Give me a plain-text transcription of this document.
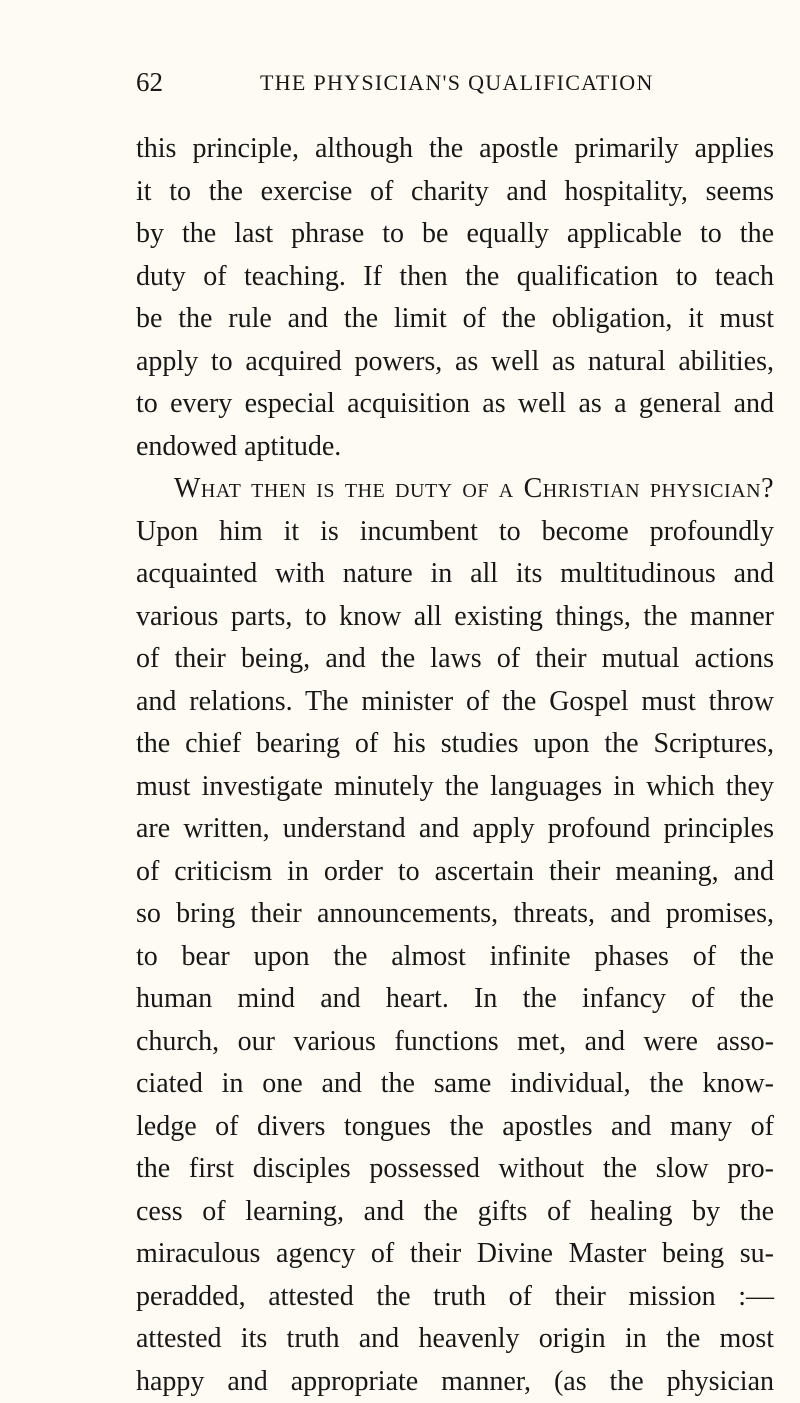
62	THE PHYSICIAN'S QUALIFICATION
this principle, although the apostle primarily applies
it to the exercise of charity and hospitality, seems
by the last phrase to be equally applicable to the
duty of teaching. If then the qualification to teach
be the rule and the limit of the obligation, it must
apply to acquired powers, as well as natural abilities,
to every especial acquisition as well as a general and
endowed aptitude.
What then is the duty of a Christian physician?
Upon him it is incumbent to become profoundly
acquainted with nature in all its multitudinous and
various parts, to know all existing things, the manner
of their being, and the laws of their mutual actions
and relations. The minister of the Gospel must throw
the chief bearing of his studies upon the Scriptures,
must investigate minutely the languages in which they
are written, understand and apply profound principles
of criticism in order to ascertain their meaning, and
so bring their announcements, threats, and promises,
to bear upon the almost infinite phases of the
human mind and heart. In the infancy of the
church, our various functions met, and were asso-
ciated in one and the same individual, the know-
ledge of divers tongues the apostles and many of
the first disciples possessed without the slow pro-
cess of learning, and the gifts of healing by the
miraculous agency of their Divine Master being su-
peradded, attested the truth of their mission :—
attested its truth and heavenly origin in the most
happy and appropriate manner, (as the physician
